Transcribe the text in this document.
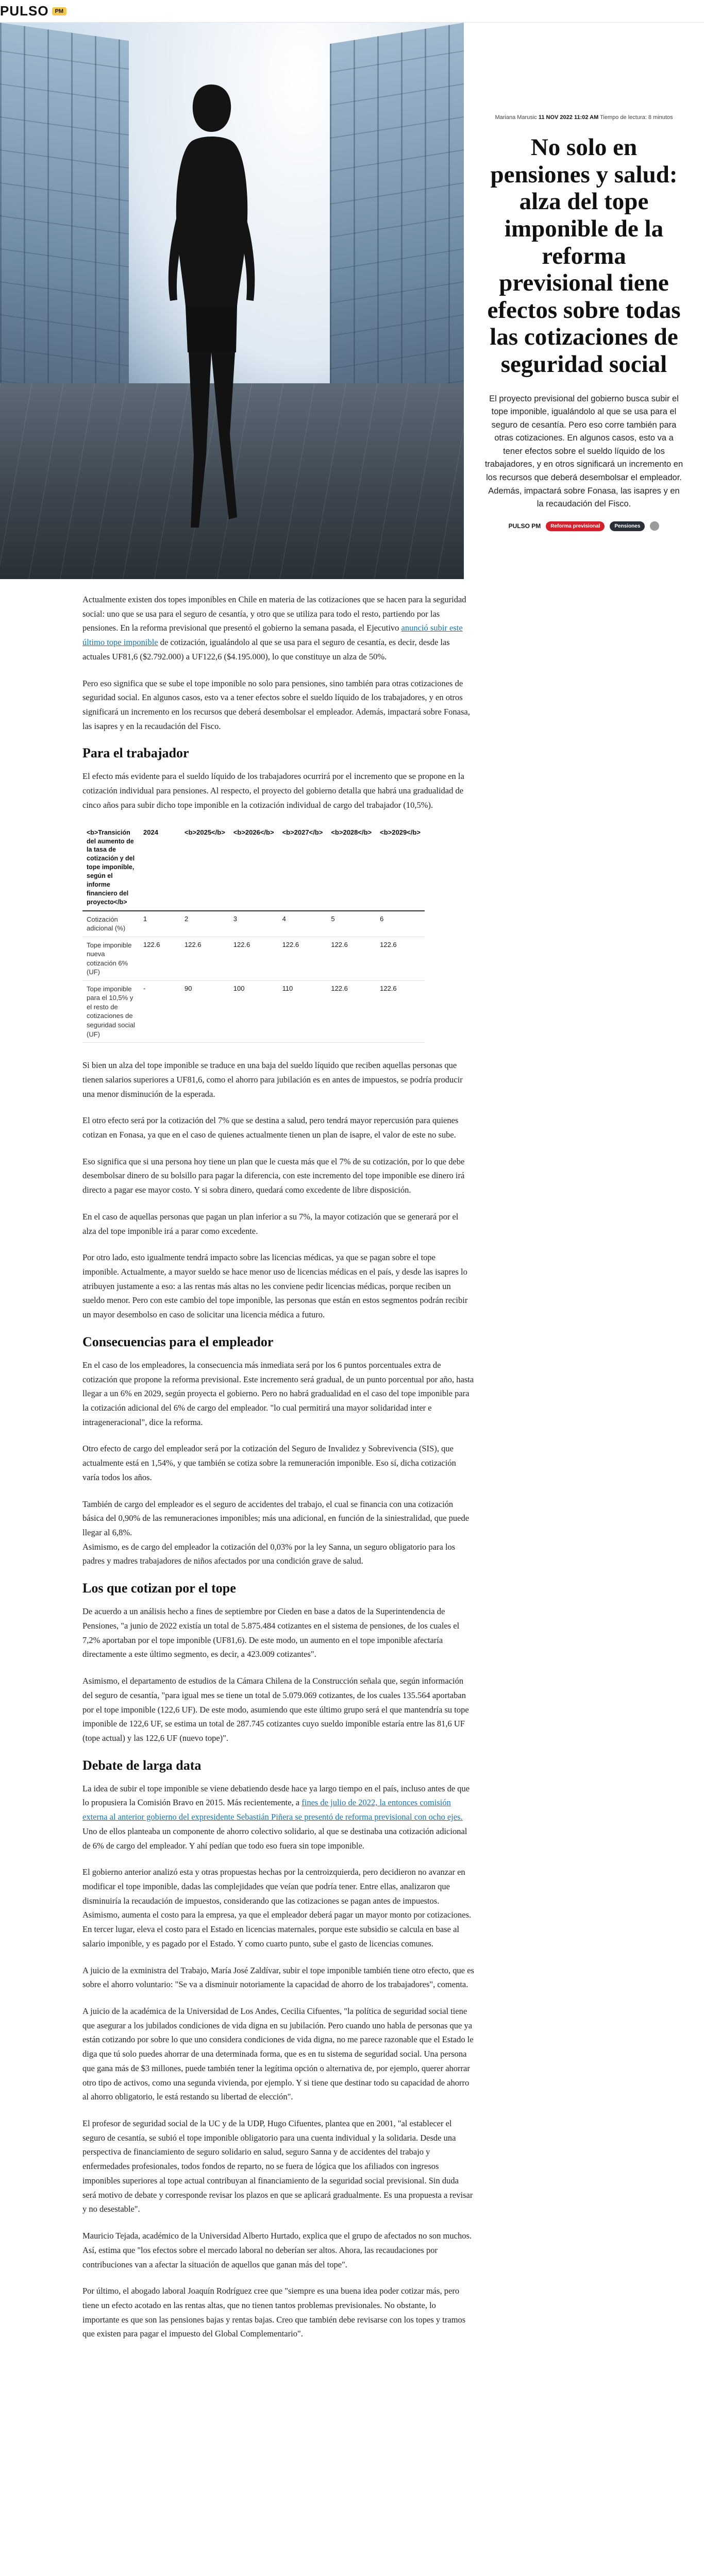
PULSO	PM

Mariana Marusic 11 NOV 2022 11:02 AM Tiempo de lectura: 8 minutos

No solo en pensiones y salud: alza del tope imponible de la reforma previsional tiene efectos sobre todas las cotizaciones de seguridad social

El proyecto previsional del gobierno busca subir el tope imponible, igualándolo al que se usa para el seguro de cesantía. Pero eso corre también para otras cotizaciones. En algunos casos, esto va a tener efectos sobre el sueldo líquido de los trabajadores, y en otros significará un incremento en los recursos que deberá desembolsar el empleador. Además, impactará sobre Fonasa, las isapres y en la recaudación del Fisco.

PULSO PM	Reforma previsional	Pensiones

Actualmente existen dos topes imponibles en Chile en materia de las cotizaciones que se hacen para la seguridad social: uno que se usa para el seguro de cesantía, y otro que se utiliza para todo el resto, partiendo por las pensiones. En la reforma previsional que presentó el gobierno la semana pasada, el Ejecutivo anunció subir este último tope imponible de cotización, igualándolo al que se usa para el seguro de cesantía, es decir, desde las actuales UF81,6 ($2.792.000) a UF122,6 ($4.195.000), lo que constituye un alza de 50%.

Pero eso significa que se sube el tope imponible no solo para pensiones, sino también para otras cotizaciones de seguridad social. En algunos casos, esto va a tener efectos sobre el sueldo líquido de los trabajadores, y en otros significará un incremento en los recursos que deberá desembolsar el empleador. Además, impactará sobre Fonasa, las isapres y en la recaudación del Fisco.

Para el trabajador

El efecto más evidente para el sueldo líquido de los trabajadores ocurrirá por el incremento que se propone en la cotización individual para pensiones. Al respecto, el proyecto del gobierno detalla que habrá una gradualidad de cinco años para subir dicho tope imponible en la cotización individual de cargo del trabajador (10,5%).

<b>Transición del aumento de la tasa de cotización y del tope imponible, según el informe financiero del proyecto</b>	2024	<b>2025</b>	<b>2026</b>	<b>2027</b>	<b>2028</b>	<b>2029</b>
Cotización adicional (%)	1	2	3	4	5	6
Tope imponible nueva cotización 6% (UF)	122.6	122.6	122.6	122.6	122.6	122.6
Tope imponible para el 10,5% y el resto de cotizaciones de seguridad social (UF)	-	90	100	110	122.6	122.6

Si bien un alza del tope imponible se traduce en una baja del sueldo líquido que reciben aquellas personas que tienen salarios superiores a UF81,6, como el ahorro para jubilación es en antes de impuestos, se podría producir una menor disminución de la esperada.

El otro efecto será por la cotización del 7% que se destina a salud, pero tendrá mayor repercusión para quienes cotizan en Fonasa, ya que en el caso de quienes actualmente tienen un plan de isapre, el valor de este no sube.

Eso significa que si una persona hoy tiene un plan que le cuesta más que el 7% de su cotización, por lo que debe desembolsar dinero de su bolsillo para pagar la diferencia, con este incremento del tope imponible ese dinero irá directo a pagar ese mayor costo. Y si sobra dinero, quedará como excedente de libre disposición.

En el caso de aquellas personas que pagan un plan inferior a su 7%, la mayor cotización que se generará por el alza del tope imponible irá a parar como excedente.

Por otro lado, esto igualmente tendrá impacto sobre las licencias médicas, ya que se pagan sobre el tope imponible. Actualmente, a mayor sueldo se hace menor uso de licencias médicas en el país, y desde las isapres lo atribuyen justamente a eso: a las rentas más altas no les conviene pedir licencias médicas, porque reciben un sueldo menor. Pero con este cambio del tope imponible, las personas que están en estos segmentos podrán recibir un mayor desembolso en caso de solicitar una licencia médica a futuro.

Consecuencias para el empleador

En el caso de los empleadores, la consecuencia más inmediata será por los 6 puntos porcentuales extra de cotización que propone la reforma previsional. Este incremento será gradual, de un punto porcentual por año, hasta llegar a un 6% en 2029, según proyecta el gobierno. Pero no habrá gradualidad en el caso del tope imponible para la cotización adicional del 6% de cargo del empleador. "lo cual permitirá una mayor solidaridad inter e intrageneracional", dice la reforma.

Otro efecto de cargo del empleador será por la cotización del Seguro de Invalidez y Sobrevivencia (SIS), que actualmente está en 1,54%, y que también se cotiza sobre la remuneración imponible. Eso sí, dicha cotización varía todos los años.

También de cargo del empleador es el seguro de accidentes del trabajo, el cual se financia con una cotización básica del 0,90% de las remuneraciones imponibles; más una adicional, en función de la siniestralidad, que puede llegar al 6,8%.

Asimismo, es de cargo del empleador la cotización del 0,03% por la ley Sanna, un seguro obligatorio para los padres y madres trabajadores de niños afectados por una condición grave de salud.

Los que cotizan por el tope

De acuerdo a un análisis hecho a fines de septiembre por Cieden en base a datos de la Superintendencia de Pensiones, "a junio de 2022 existía un total de 5.875.484 cotizantes en el sistema de pensiones, de los cuales el 7,2% aportaban por el tope imponible (UF81,6). De este modo, un aumento en el tope imponible afectaría directamente a este último segmento, es decir, a 423.009 cotizantes".

Asimismo, el departamento de estudios de la Cámara Chilena de la Construcción señala que, según información del seguro de cesantía, "para igual mes se tiene un total de 5.079.069 cotizantes, de los cuales 135.564 aportaban por el tope imponible (122,6 UF). De este modo, asumiendo que este último grupo será el que mantendría su tope imponible de 122,6 UF, se estima un total de 287.745 cotizantes cuyo sueldo imponible estaría entre las 81,6 UF (tope actual) y las 122,6 UF (nuevo tope)".

Debate de larga data

La idea de subir el tope imponible se viene debatiendo desde hace ya largo tiempo en el país, incluso antes de que lo propusiera la Comisión Bravo en 2015. Más recientemente, a fines de julio de 2022, la entonces comisión externa al anterior gobierno del expresidente Sebastián Piñera se presentó de reforma previsional con ocho ejes. Uno de ellos planteaba un componente de ahorro colectivo solidario, al que se destinaba una cotización adicional de 6% de cargo del empleador. Y ahí pedían que todo eso fuera sin tope imponible.

El gobierno anterior analizó esta y otras propuestas hechas por la centroizquierda, pero decidieron no avanzar en modificar el tope imponible, dadas las complejidades que veían que podría tener. Entre ellas, analizaron que disminuiría la recaudación de impuestos, considerando que las cotizaciones se pagan antes de impuestos. Asimismo, aumenta el costo para la empresa, ya que el empleador deberá pagar un mayor monto por cotizaciones. En tercer lugar, eleva el costo para el Estado en licencias maternales, porque este subsidio se calcula en base al salario imponible, y es pagado por el Estado. Y como cuarto punto, sube el gasto de licencias comunes.

A juicio de la exministra del Trabajo, María José Zaldívar, subir el tope imponible también tiene otro efecto, que es sobre el ahorro voluntario: "Se va a disminuir notoriamente la capacidad de ahorro de los trabajadores", comenta.

A juicio de la académica de la Universidad de Los Andes, Cecilia Cifuentes, "la política de seguridad social tiene que asegurar a los jubilados condiciones de vida digna en su jubilación. Pero cuando uno habla de personas que ya están cotizando por sobre lo que uno considera condiciones de vida digna, no me parece razonable que el Estado le diga que tú solo puedes ahorrar de una determinada forma, que es en tu sistema de seguridad social. Una persona que gana más de $3 millones, puede también tener la legítima opción o alternativa de, por ejemplo, querer ahorrar otro tipo de activos, como una segunda vivienda, por ejemplo. Y si tiene que destinar todo su capacidad de ahorro al ahorro obligatorio, le está restando su libertad de elección".

El profesor de seguridad social de la UC y de la UDP, Hugo Cifuentes, plantea que en 2001, "al establecer el seguro de cesantía, se subió el tope imponible obligatorio para una cuenta individual y la solidaria. Desde una perspectiva de financiamiento de seguro solidario en salud, seguro Sanna y de accidentes del trabajo y enfermedades profesionales, todos fondos de reparto, no se fuera de lógica que los afiliados con ingresos imponibles superiores al tope actual contribuyan al financiamiento de la seguridad social previsional. Sin duda será motivo de debate y corresponde revisar los plazos en que se aplicará gradualmente. Es una propuesta a revisar y no desestable".

Mauricio Tejada, académico de la Universidad Alberto Hurtado, explica que el grupo de afectados no son muchos. Así, estima que "los efectos sobre el mercado laboral no deberían ser altos. Ahora, las recaudaciones por contribuciones van a afectar la situación de aquellos que ganan más del tope".

Por último, el abogado laboral Joaquín Rodríguez cree que "siempre es una buena idea poder cotizar más, pero tiene un efecto acotado en las rentas altas, que no tienen tantos problemas previsionales. No obstante, lo importante es que son las pensiones bajas y rentas bajas. Creo que también debe revisarse con los topes y tramos que existen para pagar el impuesto del Global Complementario".
